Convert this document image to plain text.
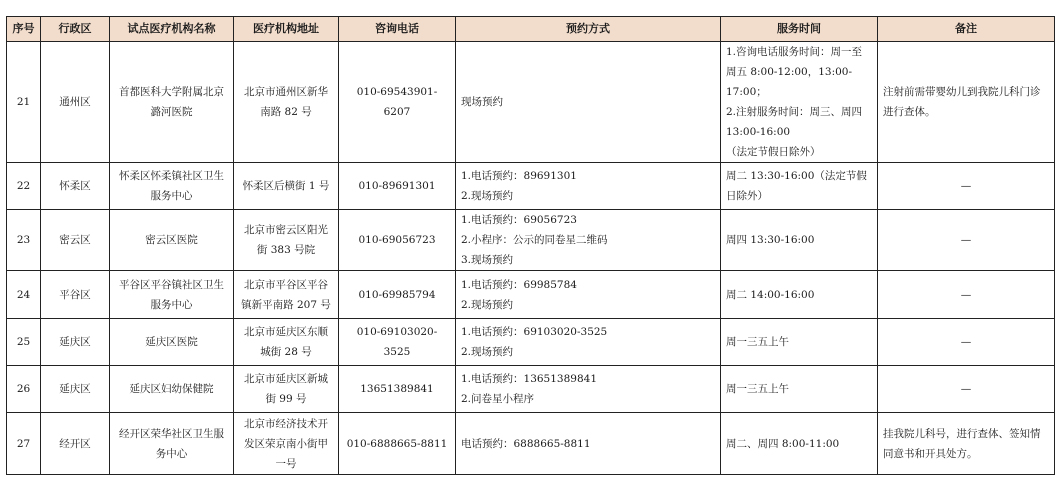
序号	行政区	试点医疗机构名称	医疗机构地址	咨询电话	预约方式	服务时间	备注
21	通州区	首都医科大学附属北京潞河医院	北京市通州区新华南路 82 号	010-69543901-6207	现场预约	1.咨询电话服务时间：周一至周五 8:00-12:00，13:00-17:00；
2.注射服务时间：周三、周四 13:00-16:00
（法定节假日除外）	注射前需带婴幼儿到我院儿科门诊进行查体。
22	怀柔区	怀柔区怀柔镇社区卫生服务中心	怀柔区后横街 1 号	010-89691301	1.电话预约：89691301
2.现场预约	周二 13:30-16:00（法定节假日除外）	—
23	密云区	密云区医院	北京市密云区阳光街 383 号院	010-69056723	1.电话预约：69056723
2.小程序：公示的同卷星二维码
3.现场预约	周四 13:30-16:00	—
24	平谷区	平谷区平谷镇社区卫生服务中心	北京市平谷区平谷镇新平南路 207 号	010-69985794	1.电话预约：69985784
2.现场预约	周二 14:00-16:00	—
25	延庆区	延庆区医院	北京市延庆区东顺城街 28 号	010-69103020-3525	1.电话预约：69103020-3525
2.现场预约	周一三五上午	—
26	延庆区	延庆区妇幼保健院	北京市延庆区新城街 99 号	13651389841	1.电话预约：13651389841
2.问卷星小程序	周一三五上午	—
27	经开区	经开区荣华社区卫生服务中心	北京市经济技术开发区荣京南小街甲一号	010-6888665-8811	电话预约：6888665-8811	周二、周四 8:00-11:00	挂我院儿科号，进行查体、签知情同意书和开具处方。
